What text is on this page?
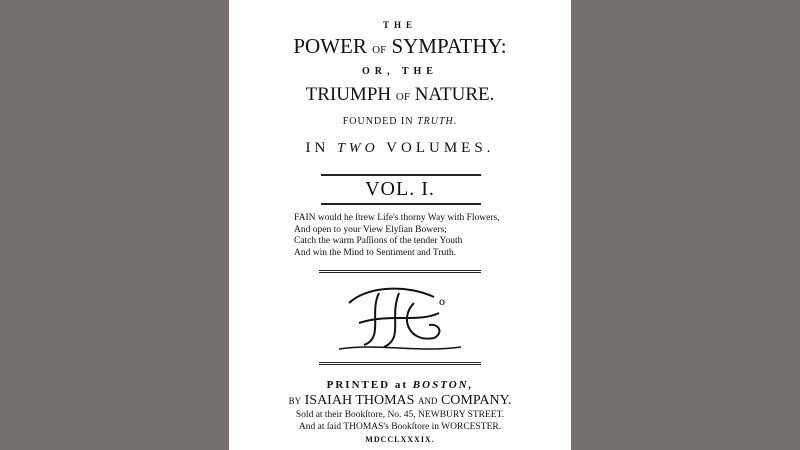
THE
POWER OF SYMPATHY:
OR, THE
TRIUMPH OF NATURE.
FOUNDED IN TRUTH.
IN TWO VOLUMES.
VOL. I.
FAIN would he ſtrew Life's thorny Way with Flowers,
And open to your View Elyſian Bowers;
Catch the warm Paſſions of the tender Youth
And win the Mind to Sentiment and Truth.
o
PRINTED at BOSTON,
BY ISAIAH THOMAS AND COMPANY.
Sold at their Bookſtore, No. 45, NEWBURY STREET.
And at ſaid THOMAS's Bookſtore in WORCESTER.
MDCCLXXXIX.
